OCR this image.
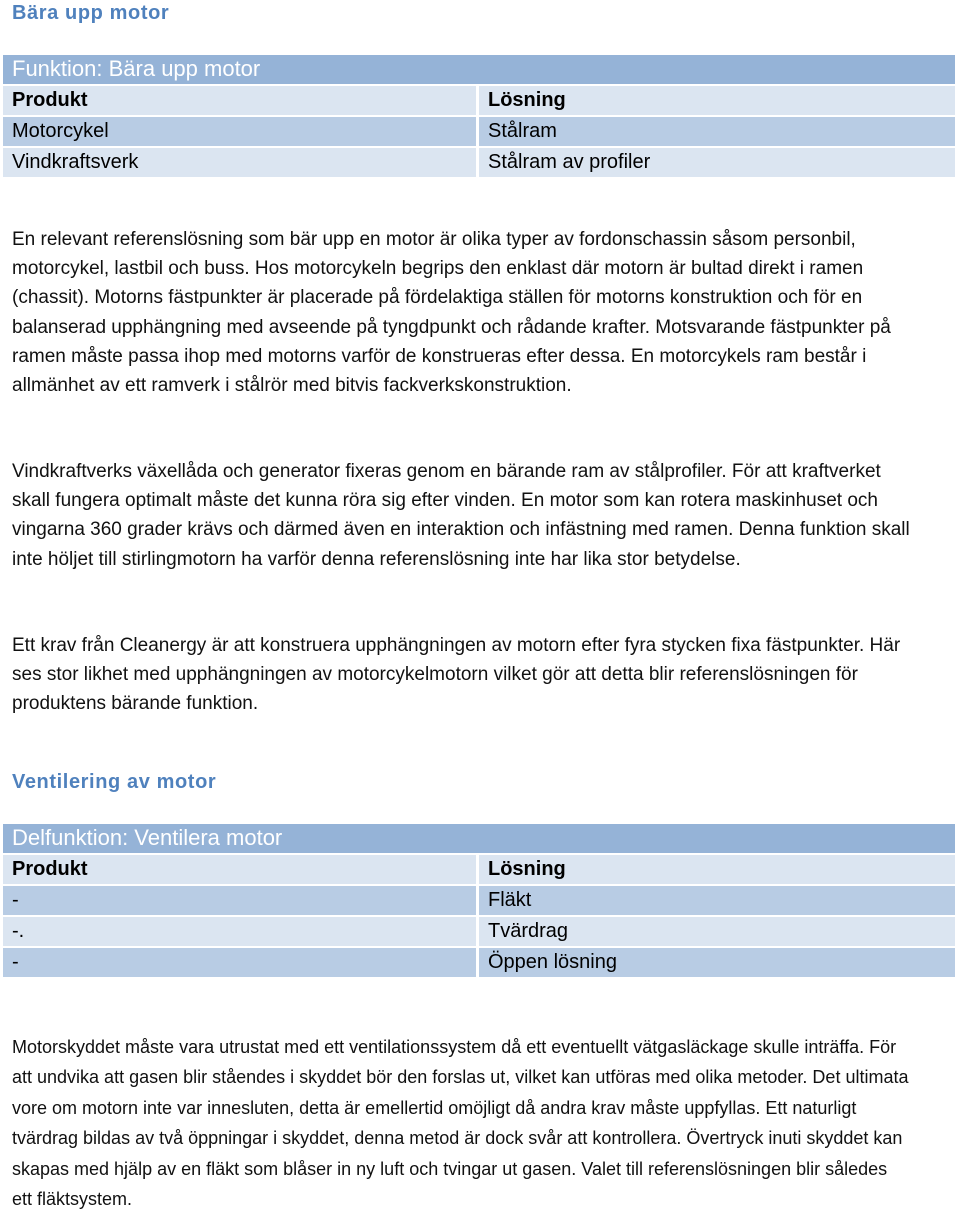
Bära upp motor
Funktion: Bära upp motor
Produkt	Lösning
Motorcykel	Stålram
Vindkraftsverk	Stålram av profiler

En relevant referenslösning som bär upp en motor är olika typer av fordonschassin såsom personbil, motorcykel, lastbil och buss. Hos motorcykeln begrips den enklast där motorn är bultad direkt i ramen (chassit). Motorns fästpunkter är placerade på fördelaktiga ställen för motorns konstruktion och för en balanserad upphängning med avseende på tyngdpunkt och rådande krafter. Motsvarande fästpunkter på ramen måste passa ihop med motorns varför de konstrueras efter dessa. En motorcykels ram består i allmänhet av ett ramverk i stålrör med bitvis fackverkskonstruktion.

Vindkraftverks växellåda och generator fixeras genom en bärande ram av stålprofiler. För att kraftverket skall fungera optimalt måste det kunna röra sig efter vinden. En motor som kan rotera maskinhuset och vingarna 360 grader krävs och därmed även en interaktion och infästning med ramen. Denna funktion skall inte höljet till stirlingmotorn ha varför denna referenslösning inte har lika stor betydelse.

Ett krav från Cleanergy är att konstruera upphängningen av motorn efter fyra stycken fixa fästpunkter. Här ses stor likhet med upphängningen av motorcykelmotorn vilket gör att detta blir referenslösningen för produktens bärande funktion.

Ventilering av motor
Delfunktion: Ventilera motor
Produkt	Lösning
-	Fläkt
-.	Tvärdrag
-	Öppen lösning

Motorskyddet måste vara utrustat med ett ventilationssystem då ett eventuellt vätgasläckage skulle inträffa. För att undvika att gasen blir ståendes i skyddet bör den forslas ut, vilket kan utföras med olika metoder. Det ultimata vore om motorn inte var innesluten, detta är emellertid omöjligt då andra krav måste uppfyllas. Ett naturligt tvärdrag bildas av två öppningar i skyddet, denna metod är dock svår att kontrollera. Övertryck inuti skyddet kan skapas med hjälp av en fläkt som blåser in ny luft och tvingar ut gasen. Valet till referenslösningen blir således ett fläktsystem.
